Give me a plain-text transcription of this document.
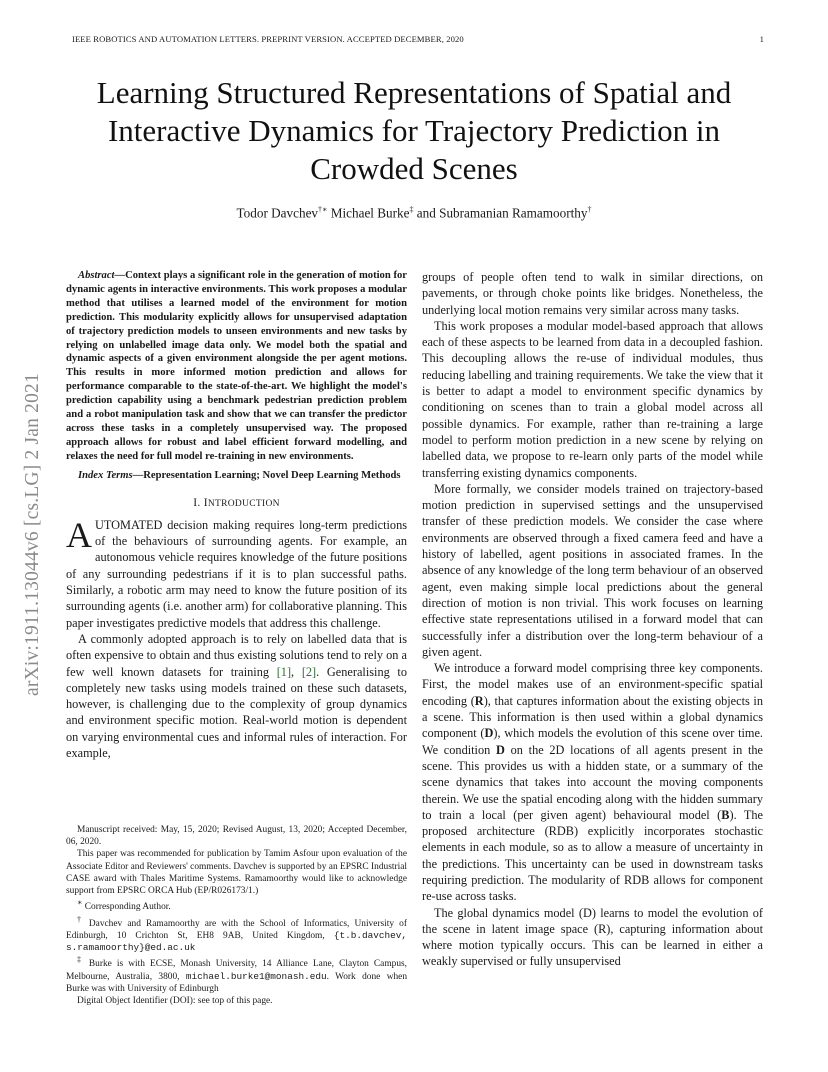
IEEE ROBOTICS AND AUTOMATION LETTERS. PREPRINT VERSION. ACCEPTED DECEMBER, 2020	1
arXiv:1911.13044v6 [cs.LG] 2 Jan 2021
Learning Structured Representations of Spatial and Interactive Dynamics for Trajectory Prediction in Crowded Scenes
Todor Davchev†∗ Michael Burke‡ and Subramanian Ramamoorthy†
Abstract—Context plays a significant role in the generation of motion for dynamic agents in interactive environments. This work proposes a modular method that utilises a learned model of the environment for motion prediction. This modularity explicitly allows for unsupervised adaptation of trajectory prediction models to unseen environments and new tasks by relying on unlabelled image data only. We model both the spatial and dynamic aspects of a given environment alongside the per agent motions. This results in more informed motion prediction and allows for performance comparable to the state-of-the-art. We highlight the model's prediction capability using a benchmark pedestrian prediction problem and a robot manipulation task and show that we can transfer the predictor across these tasks in a completely unsupervised way. The proposed approach allows for robust and label efficient forward modelling, and relaxes the need for full model re-training in new environments.
Index Terms—Representation Learning; Novel Deep Learning Methods
I. INTRODUCTION

AUTOMATED decision making requires long-term predictions of the behaviours of surrounding agents. For example, an autonomous vehicle requires knowledge of the future positions of any surrounding pedestrians if it is to plan successful paths. Similarly, a robotic arm may need to know the future position of its surrounding agents (i.e. another arm) for collaborative planning. This paper investigates predictive models that address this challenge.

A commonly adopted approach is to rely on labelled data that is often expensive to obtain and thus existing solutions tend to rely on a few well known datasets for training [1], [2]. Generalising to completely new tasks using models trained on these such datasets, however, is challenging due to the complexity of group dynamics and environment specific motion. Real-world motion is dependent on varying environmental cues and informal rules of interaction. For example,

Manuscript received: May, 15, 2020; Revised August, 13, 2020; Accepted December, 06, 2020.

This paper was recommended for publication by Tamim Asfour upon evaluation of the Associate Editor and Reviewers' comments. Davchev is supported by an EPSRC Industrial CASE award with Thales Maritime Systems. Ramamoorthy would like to acknowledge support from EPSRC ORCA Hub (EP/R026173/1.)

∗ Corresponding Author.

† Davchev and Ramamoorthy are with the School of Informatics, University of Edinburgh, 10 Crichton St, EH8 9AB, United Kingdom, {t.b.davchev, s.ramamoorthy}@ed.ac.uk

‡ Burke is with ECSE, Monash University, 14 Alliance Lane, Clayton Campus, Melbourne, Australia, 3800, michael.burke1@monash.edu. Work done when Burke was with University of Edinburgh

Digital Object Identifier (DOI): see top of this page.

groups of people often tend to walk in similar directions, on pavements, or through choke points like bridges. Nonetheless, the underlying local motion remains very similar across many tasks.

This work proposes a modular model-based approach that allows each of these aspects to be learned from data in a decoupled fashion. This decoupling allows the re-use of individual modules, thus reducing labelling and training requirements. We take the view that it is better to adapt a model to environment specific dynamics by conditioning on scenes than to train a global model across all possible dynamics. For example, rather than re-training a large model to perform motion prediction in a new scene by relying on labelled data, we propose to re-learn only parts of the model while transferring existing dynamics components.

More formally, we consider models trained on trajectory-based motion prediction in supervised settings and the unsupervised transfer of these prediction models. We consider the case where environments are observed through a fixed camera feed and have a history of labelled, agent positions in associated frames. In the absence of any knowledge of the long term behaviour of an observed agent, even making simple local predictions about the general direction of motion is non trivial. This work focuses on learning effective state representations utilised in a forward model that can successfully infer a distribution over the long-term behaviour of a given agent.

We introduce a forward model comprising three key components. First, the model makes use of an environment-specific spatial encoding (R), that captures information about the existing objects in a scene. This information is then used within a global dynamics component (D), which models the evolution of this scene over time. We condition D on the 2D locations of all agents present in the scene. This provides us with a hidden state, or a summary of the scene dynamics that takes into account the moving components therein. We use the spatial encoding along with the hidden summary to train a local (per given agent) behavioural model (B). The proposed architecture (RDB) explicitly incorporates stochastic elements in each module, so as to allow a measure of uncertainty in the predictions. This uncertainty can be used in downstream tasks requiring prediction. The modularity of RDB allows for component re-use across tasks.

The global dynamics model (D) learns to model the evolution of the scene in latent image space (R), capturing information about where motion typically occurs. This can be learned in either a weakly supervised or fully unsupervised
